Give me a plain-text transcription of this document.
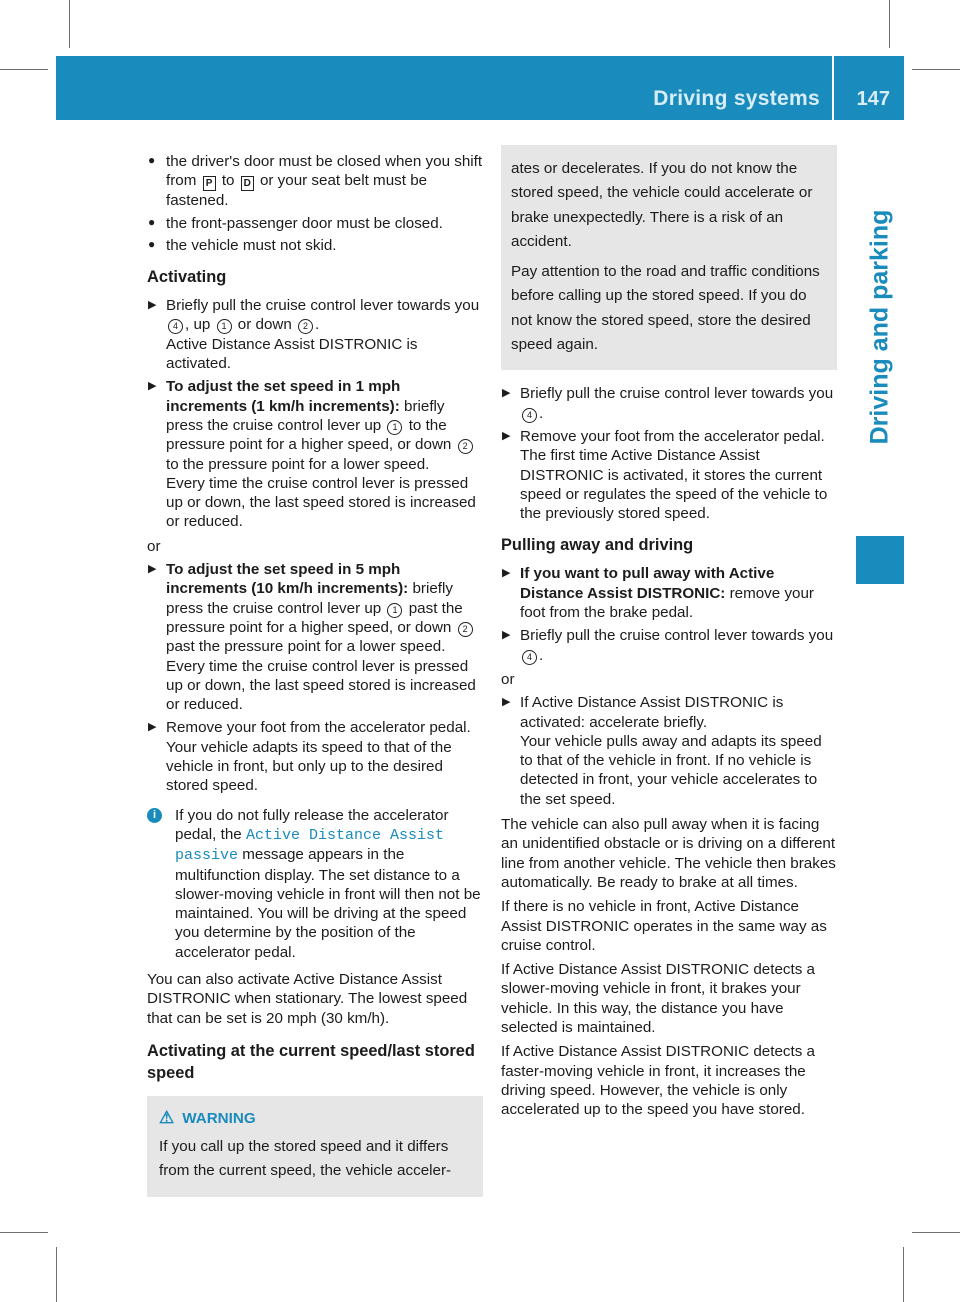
Driving systems 147
Driving and parking

● the driver's door must be closed when you shift from P to D or your seat belt must be fastened.

● the front-passenger door must be closed.

● the vehicle must not skid.

Activating

▶ Briefly pull the cruise control lever towards you 4 , up 1 or down 2 .
Active Distance Assist DISTRONIC is activated.

▶ To adjust the set speed in 1 mph increments (1 km/h increments): briefly press the cruise control lever up 1 to the pressure point for a higher speed, or down 2 to the pressure point for a lower speed.
Every time the cruise control lever is pressed up or down, the last speed stored is increased or reduced.

or

▶ To adjust the set speed in 5 mph increments (10 km/h increments): briefly press the cruise control lever up 1 past the pressure point for a higher speed, or down 2 past the pressure point for a lower speed.
Every time the cruise control lever is pressed up or down, the last speed stored is increased or reduced.

▶ Remove your foot from the accelerator pedal.
Your vehicle adapts its speed to that of the vehicle in front, but only up to the desired stored speed.

i	If you do not fully release the accelerator pedal, the Active Distance Assist passive message appears in the multifunction display. The set distance to a slower-moving vehicle in front will then not be maintained. You will be driving at the speed you determine by the position of the accelerator pedal.

You can also activate Active Distance Assist DISTRONIC when stationary. The lowest speed that can be set is 20 mph (30 km/h).

Activating at the current speed/last stored speed

⚠ WARNING

If you call up the stored speed and it differs from the current speed, the vehicle acceler-

ates or decelerates. If you do not know the stored speed, the vehicle could accelerate or brake unexpectedly. There is a risk of an accident.

Pay attention to the road and traffic conditions before calling up the stored speed. If you do not know the stored speed, store the desired speed again.

▶ Briefly pull the cruise control lever towards you 4 .

▶ Remove your foot from the accelerator pedal.
The first time Active Distance Assist DISTRONIC is activated, it stores the current speed or regulates the speed of the vehicle to the previously stored speed.

Pulling away and driving

▶ If you want to pull away with Active Distance Assist DISTRONIC: remove your foot from the brake pedal.

▶ Briefly pull the cruise control lever towards you 4 .

or

▶ If Active Distance Assist DISTRONIC is activated: accelerate briefly.
Your vehicle pulls away and adapts its speed to that of the vehicle in front. If no vehicle is detected in front, your vehicle accelerates to the set speed.

The vehicle can also pull away when it is facing an unidentified obstacle or is driving on a different line from another vehicle. The vehicle then brakes automatically. Be ready to brake at all times.

If there is no vehicle in front, Active Distance Assist DISTRONIC operates in the same way as cruise control.

If Active Distance Assist DISTRONIC detects a slower-moving vehicle in front, it brakes your vehicle. In this way, the distance you have selected is maintained.

If Active Distance Assist DISTRONIC detects a faster-moving vehicle in front, it increases the driving speed. However, the vehicle is only accelerated up to the speed you have stored.
